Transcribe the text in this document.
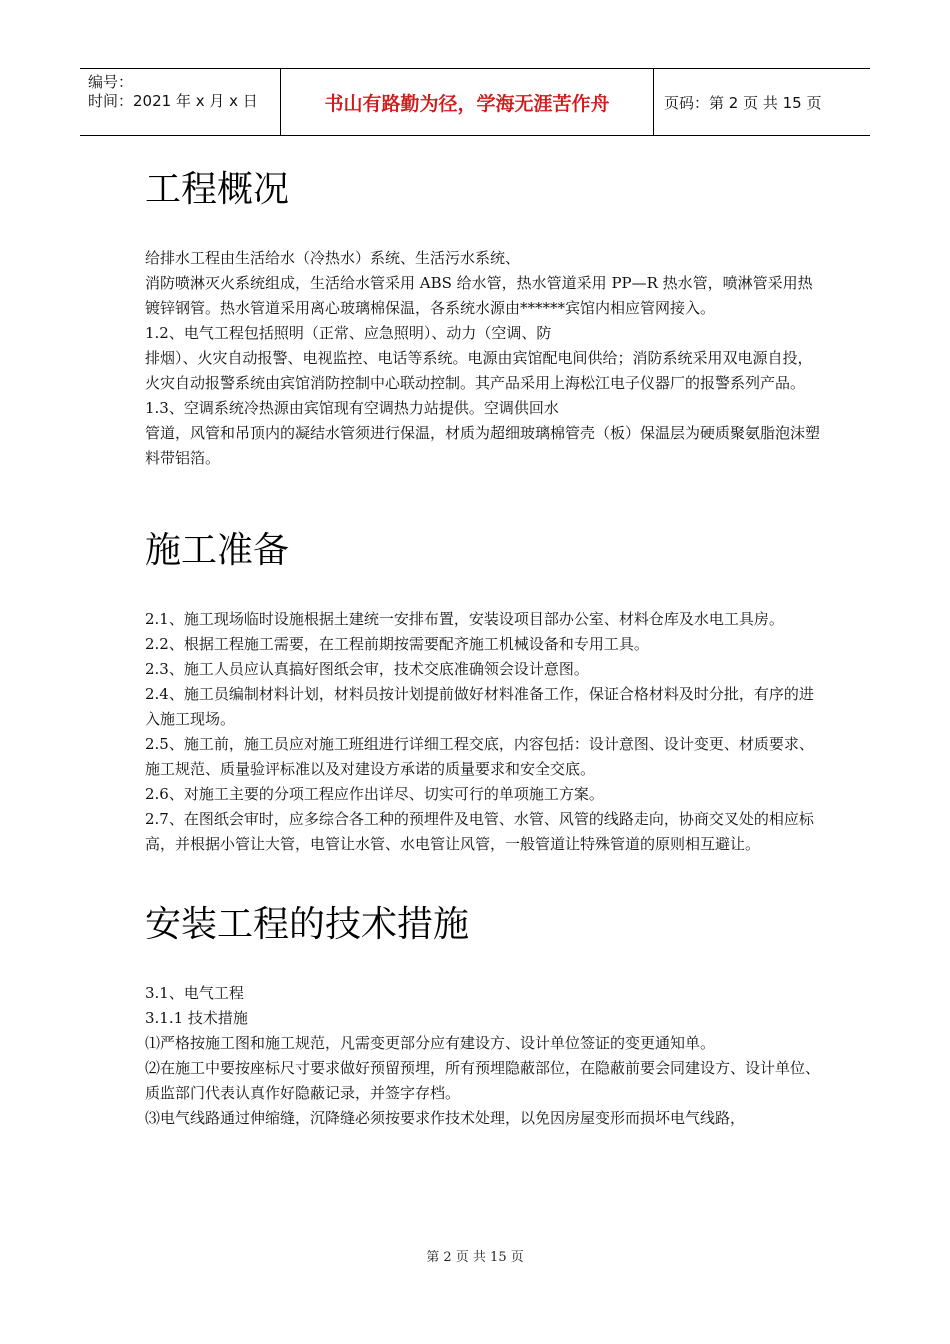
编号：
时间：2021 年 x 月 x 日	书山有路勤为径，学海无涯苦作舟	页码：第 2 页 共 15 页
工程概况

给排水工程由生活给水（冷热水）系统、生活污水系统、

消防喷淋灭火系统组成，生活给水管采用 ABS 给水管，热水管道采用 PP—R 热水管，喷淋管采用热镀锌钢管。热水管道采用离心玻璃棉保温，各系统水源由******宾馆内相应管网接入。

1.2、电气工程包括照明（正常、应急照明）、动力（空调、防

排烟）、火灾自动报警、电视监控、电话等系统。电源由宾馆配电间供给；消防系统采用双电源自投，火灾自动报警系统由宾馆消防控制中心联动控制。其产品采用上海松江电子仪器厂的报警系列产品。

1.3、空调系统冷热源由宾馆现有空调热力站提供。空调供回水

管道，风管和吊顶内的凝结水管须进行保温，材质为超细玻璃棉管壳（板）保温层为硬质聚氨脂泡沫塑料带铝箔。

施工准备

2.1、施工现场临时设施根据土建统一安排布置，安装设项目部办公室、材料仓库及水电工具房。

2.2、根据工程施工需要，在工程前期按需要配齐施工机械设备和专用工具。

2.3、施工人员应认真搞好图纸会审，技术交底准确领会设计意图。

2.4、施工员编制材料计划，材料员按计划提前做好材料准备工作，保证合格材料及时分批，有序的进入施工现场。

2.5、施工前，施工员应对施工班组进行详细工程交底，内容包括：设计意图、设计变更、材质要求、施工规范、质量验评标准以及对建设方承诺的质量要求和安全交底。

2.6、对施工主要的分项工程应作出详尽、切实可行的单项施工方案。

2.7、在图纸会审时，应多综合各工种的预埋件及电管、水管、风管的线路走向，协商交叉处的相应标高，并根据小管让大管，电管让水管、水电管让风管，一般管道让特殊管道的原则相互避让。

安装工程的技术措施

3.1、电气工程

3.1.1 技术措施

⑴严格按施工图和施工规范，凡需变更部分应有建设方、设计单位签证的变更通知单。

⑵在施工中要按座标尺寸要求做好预留预埋，所有预埋隐蔽部位，在隐蔽前要会同建设方、设计单位、质监部门代表认真作好隐蔽记录，并签字存档。

⑶电气线路通过伸缩缝，沉降缝必须按要求作技术处理，以免因房屋变形而损坏电气线路，

第 2 页 共 15 页
